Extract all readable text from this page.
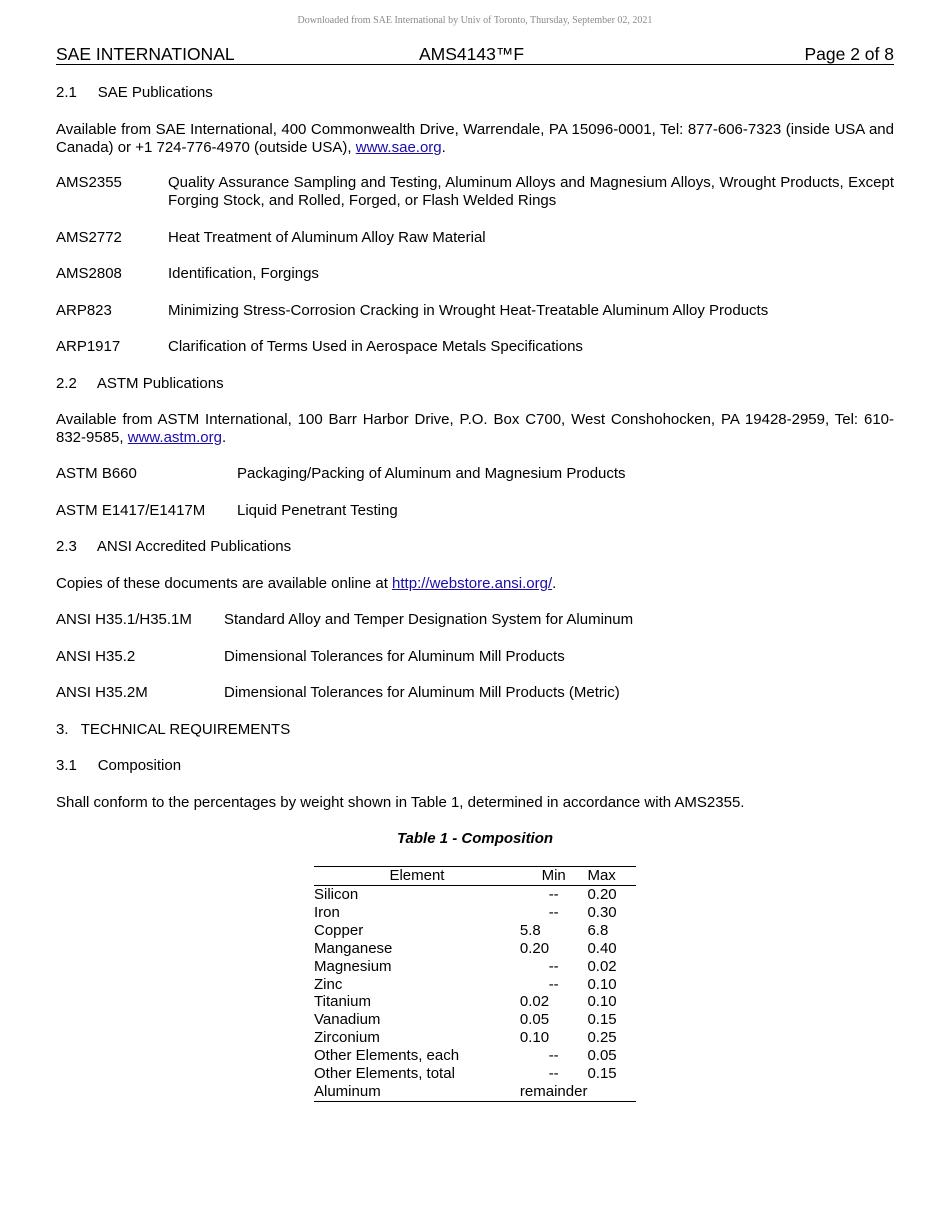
Downloaded from SAE International by Univ of Toronto, Thursday, September 02, 2021
SAE INTERNATIONAL	AMS4143™F	Page 2 of 8
2.1     SAE Publications
Available from SAE International, 400 Commonwealth Drive, Warrendale, PA 15096-0001, Tel: 877-606-7323 (inside USA and Canada) or +1 724-776-4970 (outside USA), www.sae.org.
AMS2355	Quality Assurance Sampling and Testing, Aluminum Alloys and Magnesium Alloys, Wrought Products, Except Forging Stock, and Rolled, Forged, or Flash Welded Rings
AMS2772	Heat Treatment of Aluminum Alloy Raw Material
AMS2808	Identification, Forgings
ARP823	Minimizing Stress-Corrosion Cracking in Wrought Heat-Treatable Aluminum Alloy Products
ARP1917	Clarification of Terms Used in Aerospace Metals Specifications
2.2     ASTM Publications
Available from ASTM International, 100 Barr Harbor Drive, P.O. Box C700, West Conshohocken, PA 19428-2959, Tel: 610-832-9585, www.astm.org.
ASTM B660	Packaging/Packing of Aluminum and Magnesium Products
ASTM E1417/E1417M Liquid Penetrant Testing
2.3     ANSI Accredited Publications
Copies of these documents are available online at http://webstore.ansi.org/.
ANSI H35.1/H35.1M Standard Alloy and Temper Designation System for Aluminum
ANSI H35.2	Dimensional Tolerances for Aluminum Mill Products
ANSI H35.2M	Dimensional Tolerances for Aluminum Mill Products (Metric)
3.   TECHNICAL REQUIREMENTS
3.1     Composition
Shall conform to the percentages by weight shown in Table 1, determined in accordance with AMS2355.
Table 1 - Composition
Element	Min	Max
Silicon	--	0.20
Iron	--	0.30
Copper	5.8	6.8
Manganese	0.20	0.40
Magnesium	--	0.02
Zinc	--	0.10
Titanium	0.02	0.10
Vanadium	0.05	0.15
Zirconium	0.10	0.25
Other Elements, each	--	0.05
Other Elements, total	--	0.15
Aluminum	remainder	
